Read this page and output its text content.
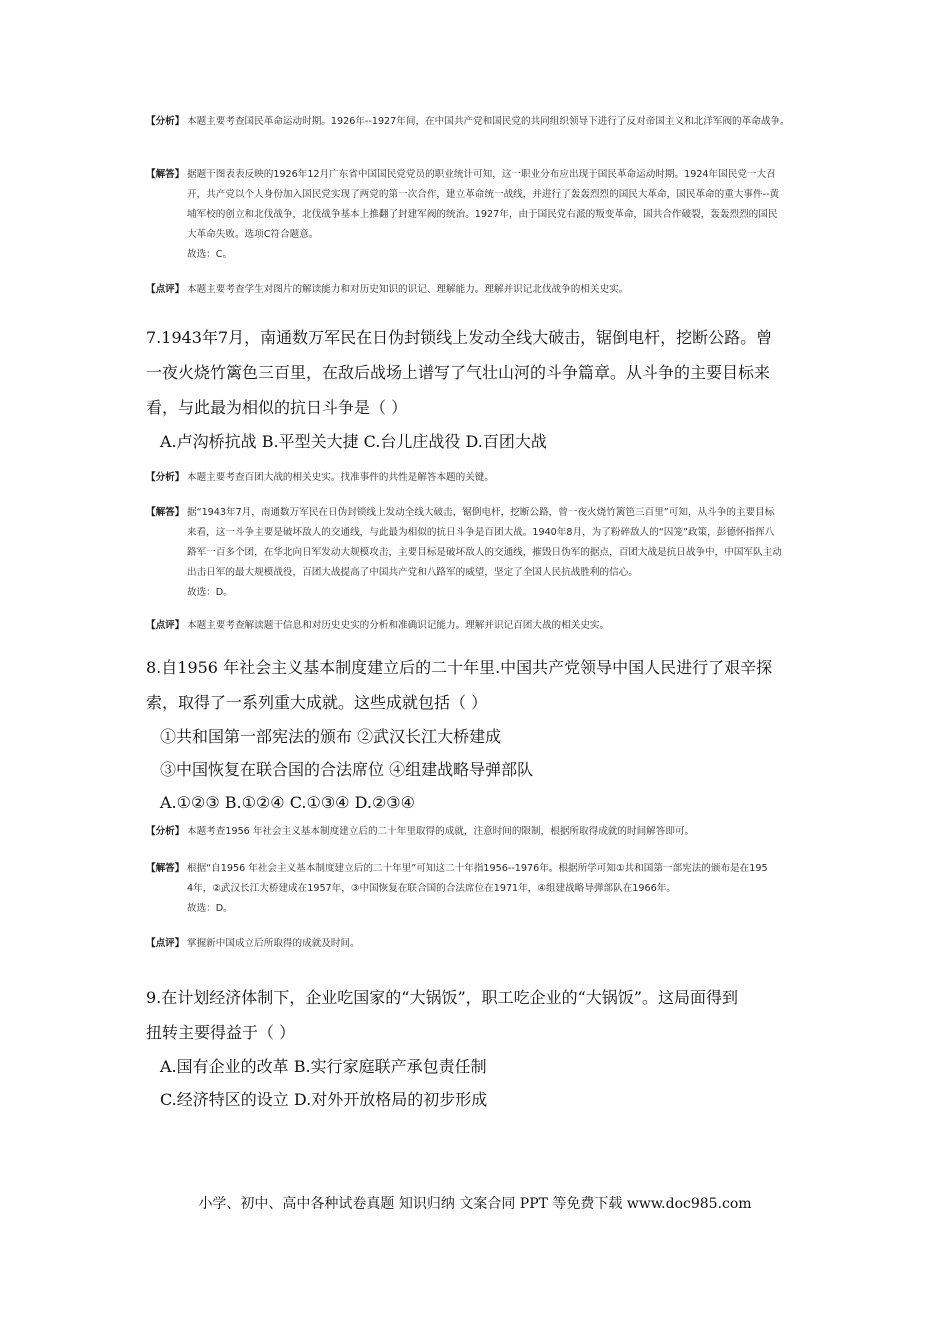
【分析】 本题主要考查国民革命运动时期。1926年--1927年间，在中国共产党和国民党的共同组织领导下进行了反对帝国主义和北洋军阀的革命战争。

【解答】 据题干图表表反映的1926年12月广东省中国国民党党员的职业统计可知，这一职业分布应出现于国民革命运动时期。1924年国民党一大召

开，共产党以个人身份加入国民党实现了两党的第一次合作，建立革命统一战线，并进行了轰轰烈烈的国民大革命，国民革命的重大事件--黄

埔军校的创立和北伐战争，北伐战争基本上推翻了封建军阀的统治。1927年，由于国民党右派的叛变革命，国共合作破裂，轰轰烈烈的国民

大革命失败。选项C符合题意。

故选：C。

【点评】 本题主要考查学生对图片的解读能力和对历史知识的识记、理解能力。理解并识记北伐战争的相关史实。

7.1943年7月，南通数万军民在日伪封锁线上发动全线大破击，锯倒电杆，挖断公路。曾
一夜火烧竹篱色三百里，在敌后战场上谱写了气壮山河的斗争篇章。从斗争的主要目标来
看，与此最为相似的抗日斗争是（ ）
A.卢沟桥抗战 B.平型关大捷 C.台儿庄战役 D.百团大战
【分析】 本题主要考查百团大战的相关史实。找准事件的共性是解答本题的关键。

【解答】 据“1943年7月，南通数万军民在日伪封锁线上发动全线大破击，锯倒电杆，挖断公路，曾一夜火烧竹篱笆三百里”可知，从斗争的主要目标

来看，这一斗争主要是破坏敌人的交通线，与此最为相似的抗日斗争是百团大战。1940年8月，为了粉碎敌人的“囚笼”政策，彭德怀指挥八

路军一百多个团，在华北向日军发动大规模攻击，主要目标是破坏敌人的交通线，摧毁日伪军的据点，百团大战是抗日战争中，中国军队主动

出击日军的最大规模战役，百团大战提高了中国共产党和八路军的威望，坚定了全国人民抗战胜利的信心。

故选：D。

【点评】 本题主要考查解读题干信息和对历史史实的分析和准确识记能力。理解并识记百团大战的相关史实。

8.自1956 年社会主义基本制度建立后的二十年里.中国共产党领导中国人民进行了艰辛探
索，取得了一系列重大成就。这些成就包括（ ）
①共和国第一部宪法的颁布 ②武汉长江大桥建成
③中国恢复在联合国的合法席位 ④组建战略导弹部队
A.①②③ B.①②④ C.①③④ D.②③④
【分析】 本题考查1956 年社会主义基本制度建立后的二十年里取得的成就，注意时间的限制，根据所取得成就的时间解答即可。

【解答】 根据“自1956 年社会主义基本制度建立后的二十年里”可知这二十年指1956--1976年。根据所学可知①共和国第一部宪法的颁布是在195

4年，②武汉长江大桥建成在1957年，③中国恢复在联合国的合法席位在1971年，④组建战略导弹部队在1966年。

故选：D。

【点评】 掌握新中国成立后所取得的成就及时间。

9.在计划经济体制下，企业吃国家的“大锅饭”，职工吃企业的“大锅饭”。这局面得到
扭转主要得益于（ ）
A.国有企业的改革 B.实行家庭联产承包责任制
C.经济特区的设立 D.对外开放格局的初步形成
小学、初中、高中各种试卷真题 知识归纳 文案合同 PPT 等免费下载 www.doc985.com
